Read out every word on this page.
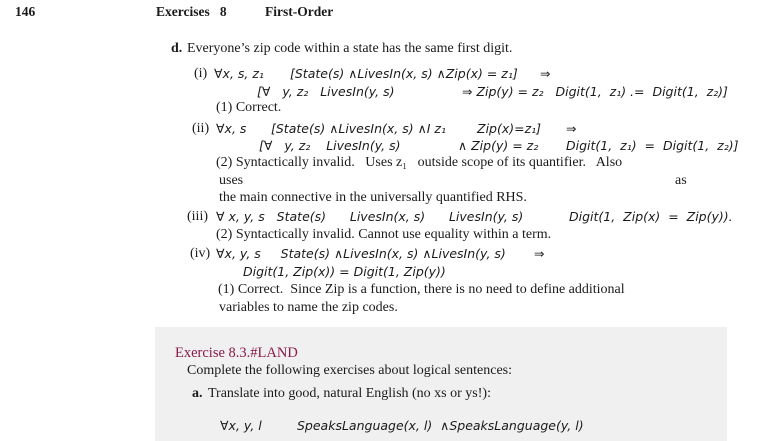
146	Exercises   8	First-Order
d. Everyone’s zip code within a state has the same first digit.
(i) ∀x, s, z₁ [State(s) ∧LivesIn(x, s) ∧Zip(x) = z₁] ⇒
[∀   y, z₂   LivesIn(y, s)	⇒ Zip(y) = z₂   Digit(1,  z₁) .=  Digit(1,  z₂)]
(1) Correct.
(ii) ∀x, s [State(s) ∧LivesIn(x, s) ∧I z₁ Zip(x)=z₁] ⇒
[∀   y, z₂    LivesIn(y, s)	∧ Zip(y) = z₂ Digit(1,  z₁)  =  Digit(1,  z₂)]
(2) Syntactically invalid.   Uses z₁   outside scope of its quantifier.   Also
uses	as
the main connective in the universally quantified RHS.
(iii) ∀ x, y, s   State(s)      LivesIn(x, s)      LivesIn(y, s)	Digit(1,  Zip(x)  =  Zip(y)).
(2) Syntactically invalid. Cannot use equality within a term.
(iv) ∀x, y, s     State(s) ∧LivesIn(x, s) ∧LivesIn(y, s) ⇒
Digit(1, Zip(x)) = Digit(1, Zip(y))
(1) Correct.  Since Zip is a function, there is no need to define additional
variables to name the zip codes.
Exercise 8.3.#LAND
Complete the following exercises about logical sentences:
a. Translate into good, natural English (no xs or ys!):
∀x, y, l	SpeaksLanguage(x, l)  ∧SpeaksLanguage(y, l)
